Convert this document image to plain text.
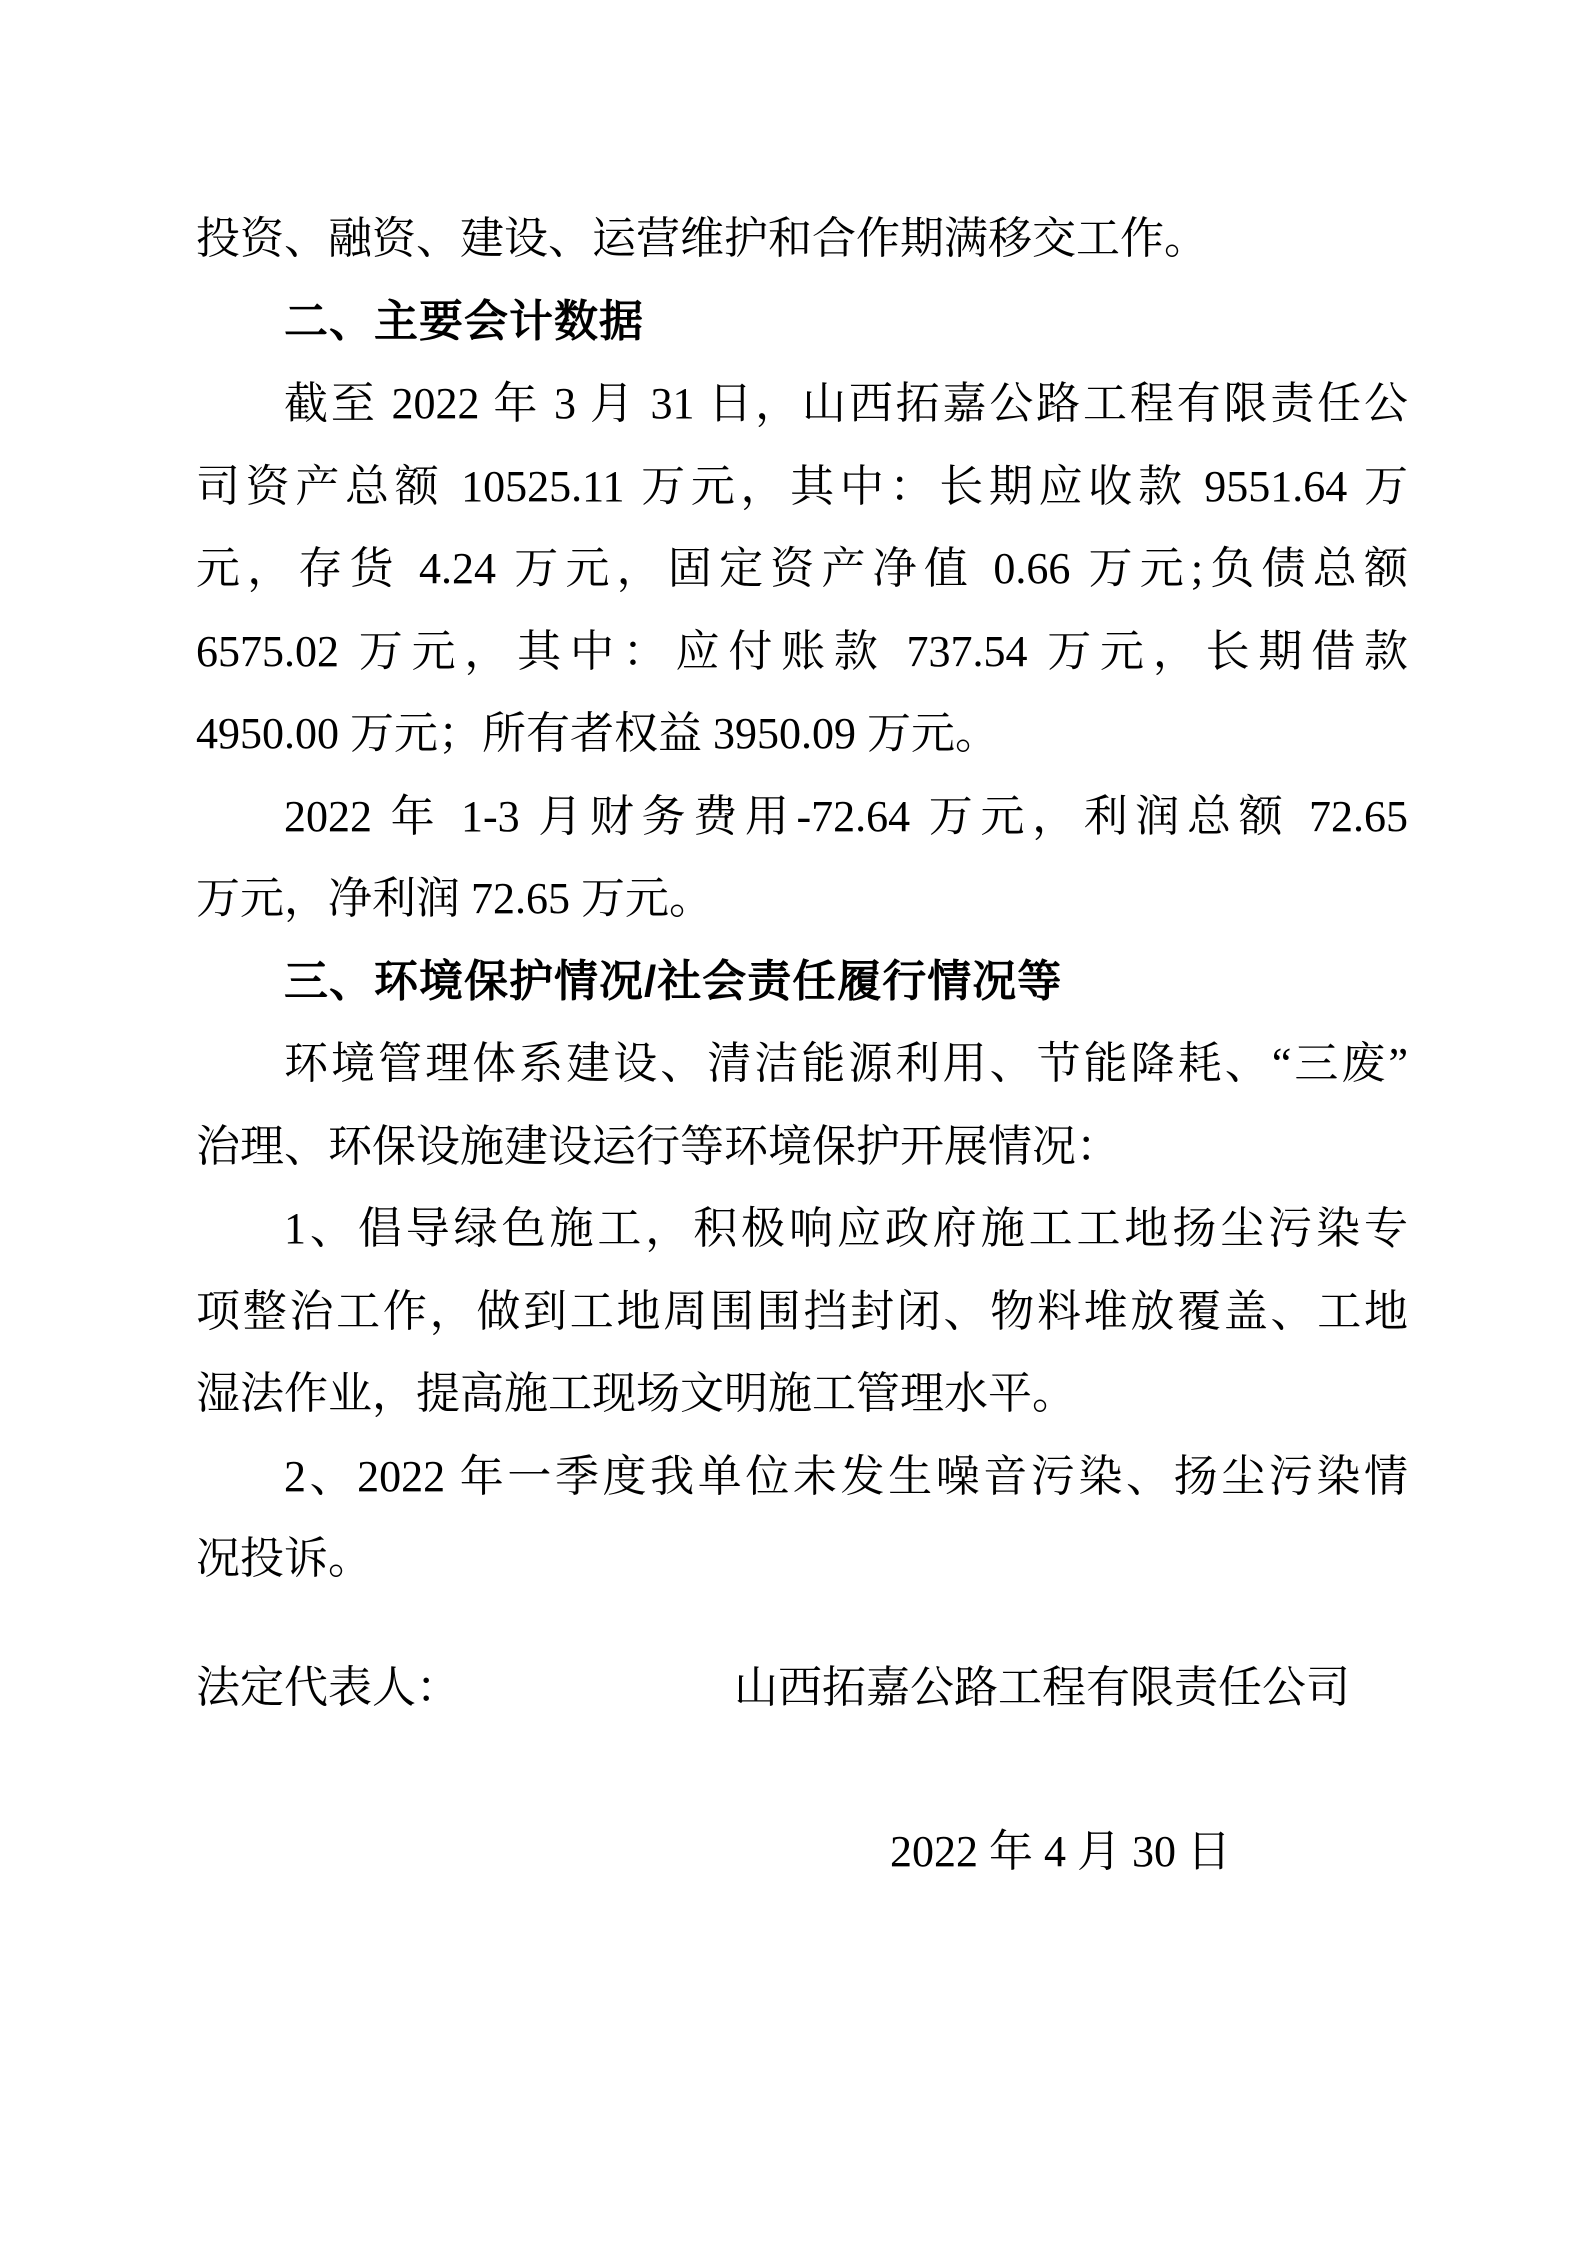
投资、融资、建设、运营维护和合作期满移交工作。
二、主要会计数据
截至 2022 年 3 月 31 日，山西拓嘉公路工程有限责任公
司资产总额 10525.11 万元，其中：长期应收款 9551.64 万
元，存货 4.24 万元，固定资产净值 0.66 万元;负债总额
6575.02 万元，其中：应付账款 737.54 万元，长期借款
4950.00 万元；所有者权益 3950.09 万元。
2022 年 1-3 月财务费用-72.64 万元，利润总额 72.65
万元，净利润 72.65 万元。
三、环境保护情况/社会责任履行情况等
环境管理体系建设、清洁能源利用、节能降耗、“三废”
治理、环保设施建设运行等环境保护开展情况：
1、倡导绿色施工，积极响应政府施工工地扬尘污染专
项整治工作，做到工地周围围挡封闭、物料堆放覆盖、工地
湿法作业，提高施工现场文明施工管理水平。
2、2022 年一季度我单位未发生噪音污染、扬尘污染情
况投诉。
法定代表人：	山西拓嘉公路工程有限责任公司
2022 年 4 月 30 日
